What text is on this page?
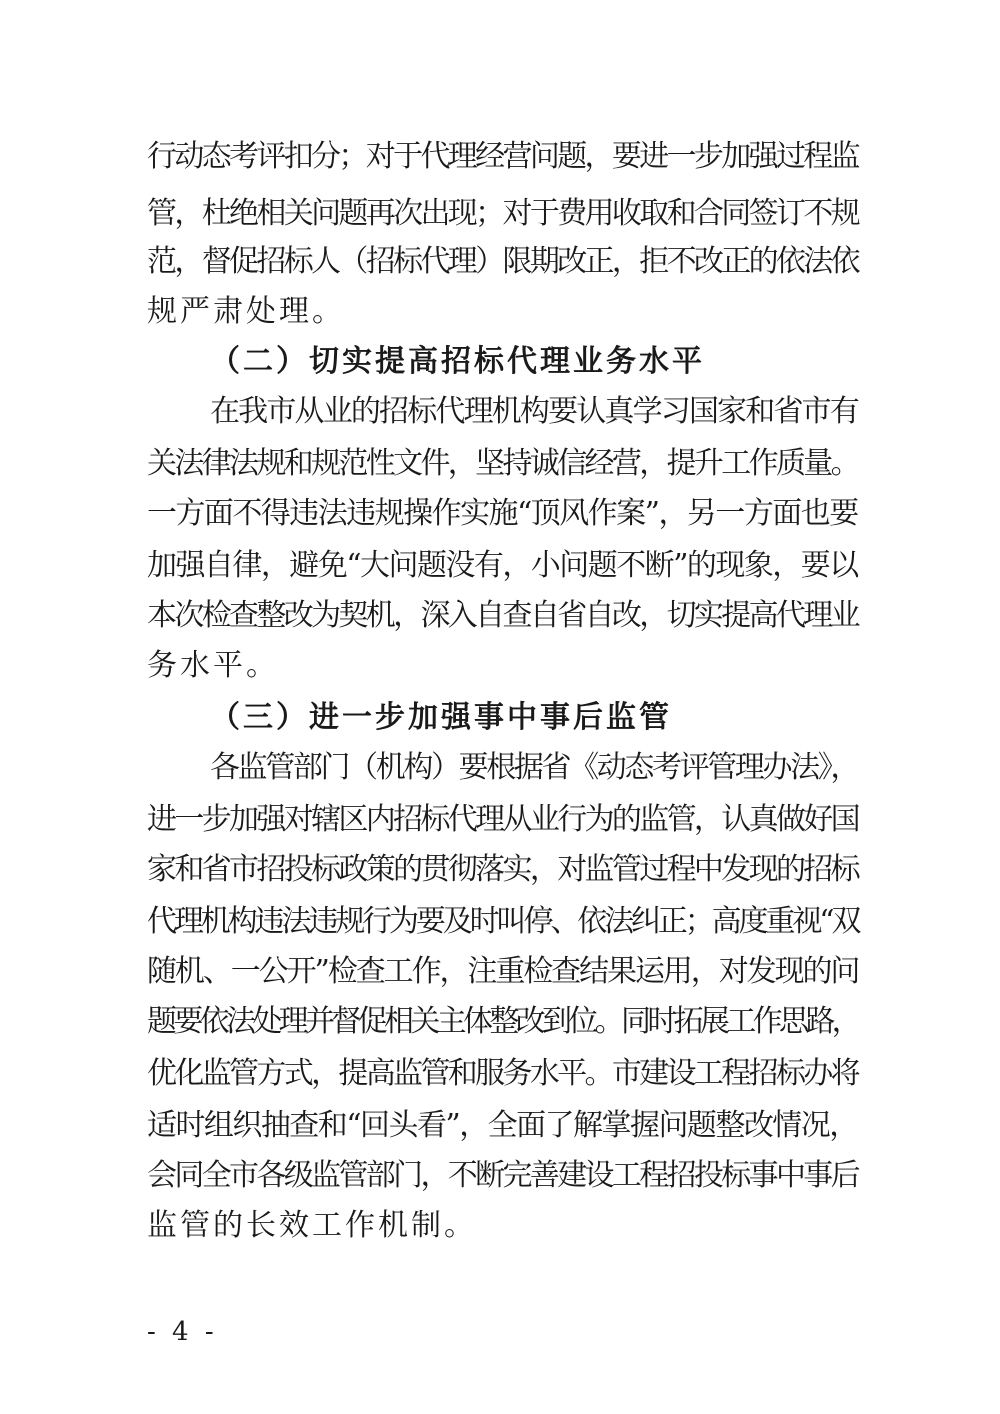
行动态考评扣分；对于代理经营问题，要进一步加强过程监
管，杜绝相关问题再次出现；对于费用收取和合同签订不规
范，督促招标人（招标代理）限期改正，拒不改正的依法依
规严肃处理。
（二）切实提高招标代理业务水平
在我市从业的招标代理机构要认真学习国家和省市有
关法律法规和规范性文件，坚持诚信经营，提升工作质量。
一方面不得违法违规操作实施“顶风作案”，另一方面也要
加强自律，避免“大问题没有，小问题不断”的现象，要以
本次检查整改为契机，深入自查自省自改，切实提高代理业
务水平。
（三）进一步加强事中事后监管
各监管部门（机构）要根据省《动态考评管理办法》，
进一步加强对辖区内招标代理从业行为的监管，认真做好国
家和省市招投标政策的贯彻落实，对监管过程中发现的招标
代理机构违法违规行为要及时叫停、依法纠正；高度重视“双
随机、一公开”检查工作，注重检查结果运用，对发现的问
题要依法处理并督促相关主体整改到位。同时拓展工作思路，
优化监管方式，提高监管和服务水平。市建设工程招标办将
适时组织抽查和“回头看”，全面了解掌握问题整改情况，
会同全市各级监管部门，不断完善建设工程招投标事中事后
监管的长效工作机制。
- 4 -
